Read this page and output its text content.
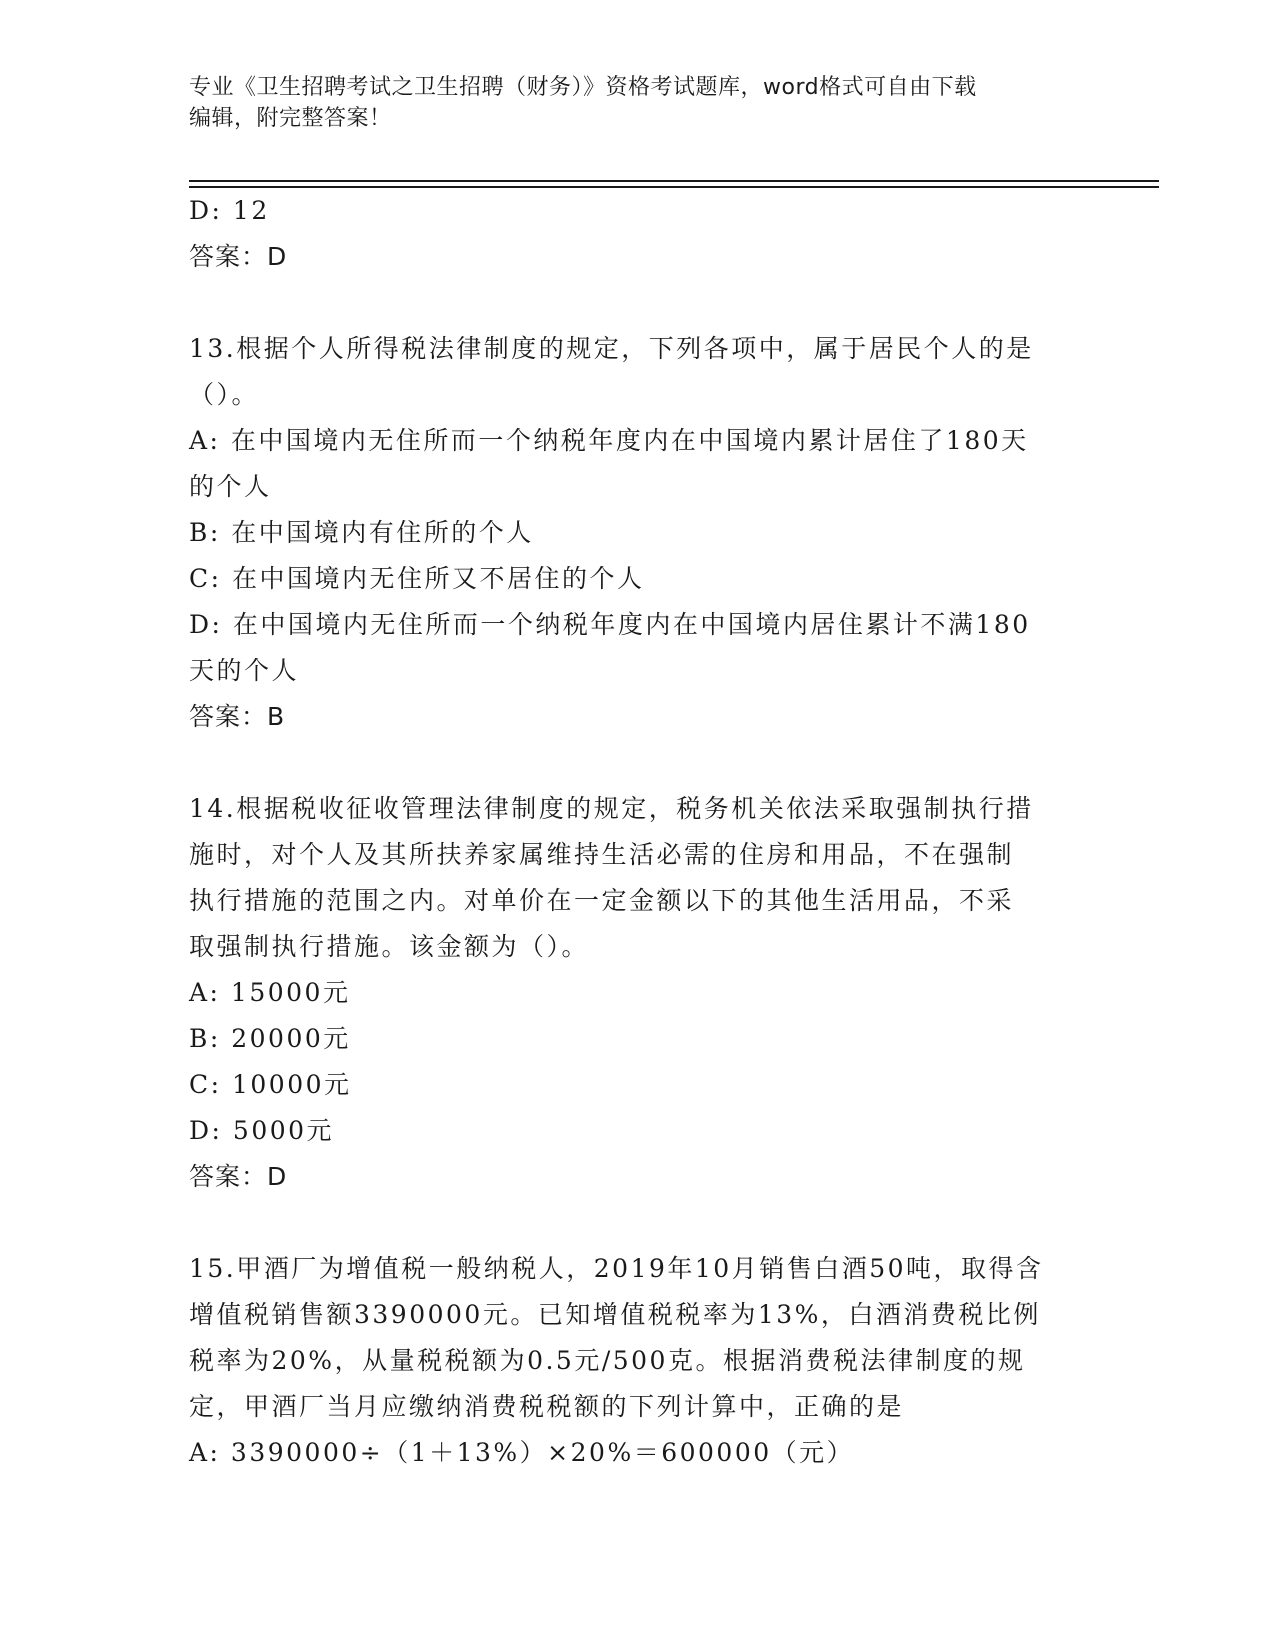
专业《卫生招聘考试之卫生招聘（财务）》资格考试题库，word格式可自由下载
编辑，附完整答案！
D: 12
答案：D
13.根据个人所得税法律制度的规定，下列各项中，属于居民个人的是
（）。
A: 在中国境内无住所而一个纳税年度内在中国境内累计居住了180天
的个人
B: 在中国境内有住所的个人
C: 在中国境内无住所又不居住的个人
D: 在中国境内无住所而一个纳税年度内在中国境内居住累计不满180
天的个人
答案：B
14.根据税收征收管理法律制度的规定，税务机关依法采取强制执行措
施时，对个人及其所扶养家属维持生活必需的住房和用品，不在强制
执行措施的范围之内。对单价在一定金额以下的其他生活用品，不采
取强制执行措施。该金额为（）。
A: 15000元
B: 20000元
C: 10000元
D: 5000元
答案：D
15.甲酒厂为增值税一般纳税人，2019年10月销售白酒50吨，取得含
增值税销售额3390000元。已知增值税税率为13%，白酒消费税比例
税率为20%，从量税税额为0.5元/500克。根据消费税法律制度的规
定，甲酒厂当月应缴纳消费税税额的下列计算中，正确的是
A: 3390000÷（1＋13%）×20%＝600000（元）
